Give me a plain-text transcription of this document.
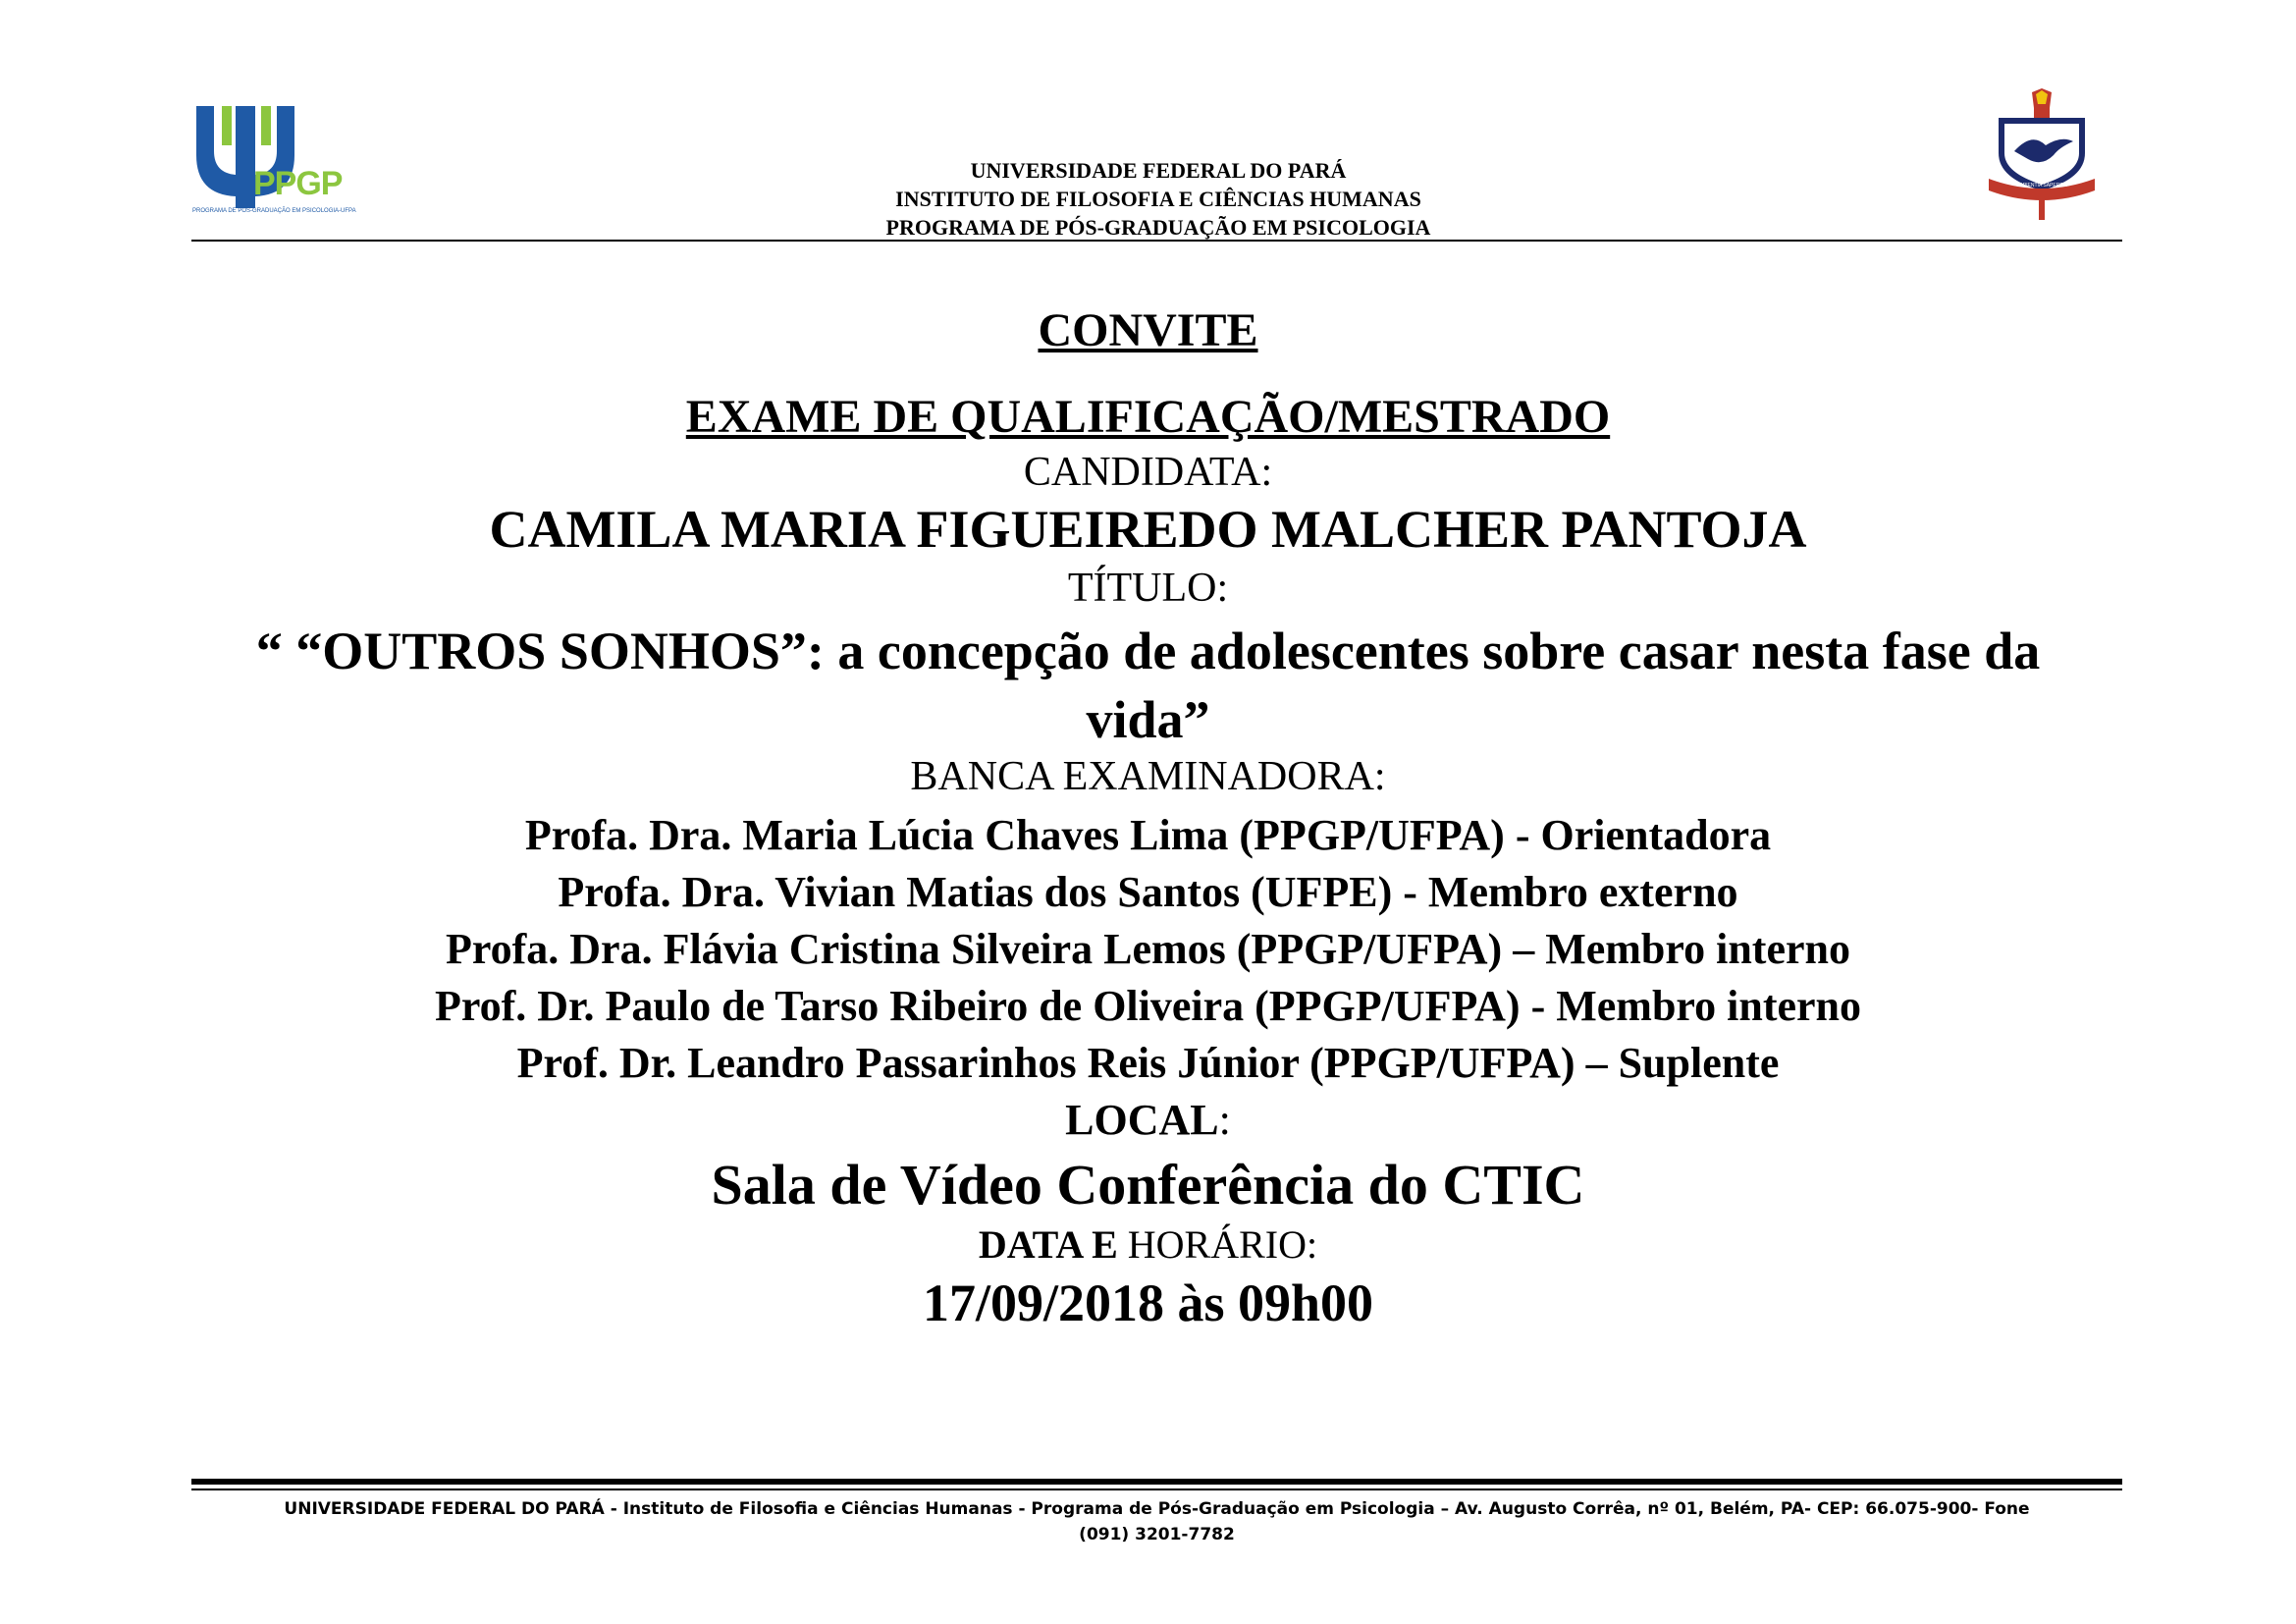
PPGP
PROGRAMA DE PÓS-GRADUAÇÃO EM PSICOLOGIA-UFPA
SAPIENTIA SAPERE...
UNIVERSIDADE FEDERAL DO PARÁ
INSTITUTO DE FILOSOFIA E CIÊNCIAS HUMANAS
PROGRAMA DE PÓS-GRADUAÇÃO EM PSICOLOGIA
CONVITE
EXAME DE QUALIFICAÇÃO/MESTRADO
CANDIDATA:
CAMILA MARIA FIGUEIREDO MALCHER PANTOJA
TÍTULO:
“ “OUTROS SONHOS”: a concepção de adolescentes sobre casar nesta fase da
vida”
BANCA EXAMINADORA:
Profa. Dra. Maria Lúcia Chaves Lima (PPGP/UFPA) - Orientadora
Profa. Dra. Vivian Matias dos Santos (UFPE) - Membro externo
Profa. Dra. Flávia Cristina Silveira Lemos (PPGP/UFPA) – Membro interno
Prof. Dr. Paulo de Tarso Ribeiro de Oliveira (PPGP/UFPA) - Membro interno
Prof. Dr. Leandro Passarinhos Reis Júnior (PPGP/UFPA) – Suplente
LOCAL:
Sala de Vídeo Conferência do CTIC
DATA E HORÁRIO:
17/09/2018 às 09h00
UNIVERSIDADE FEDERAL DO PARÁ - Instituto de Filosofia e Ciências Humanas - Programa de Pós-Graduação em Psicologia – Av. Augusto Corrêa, nº 01, Belém, PA- CEP: 66.075-900- Fone
(091) 3201-7782
